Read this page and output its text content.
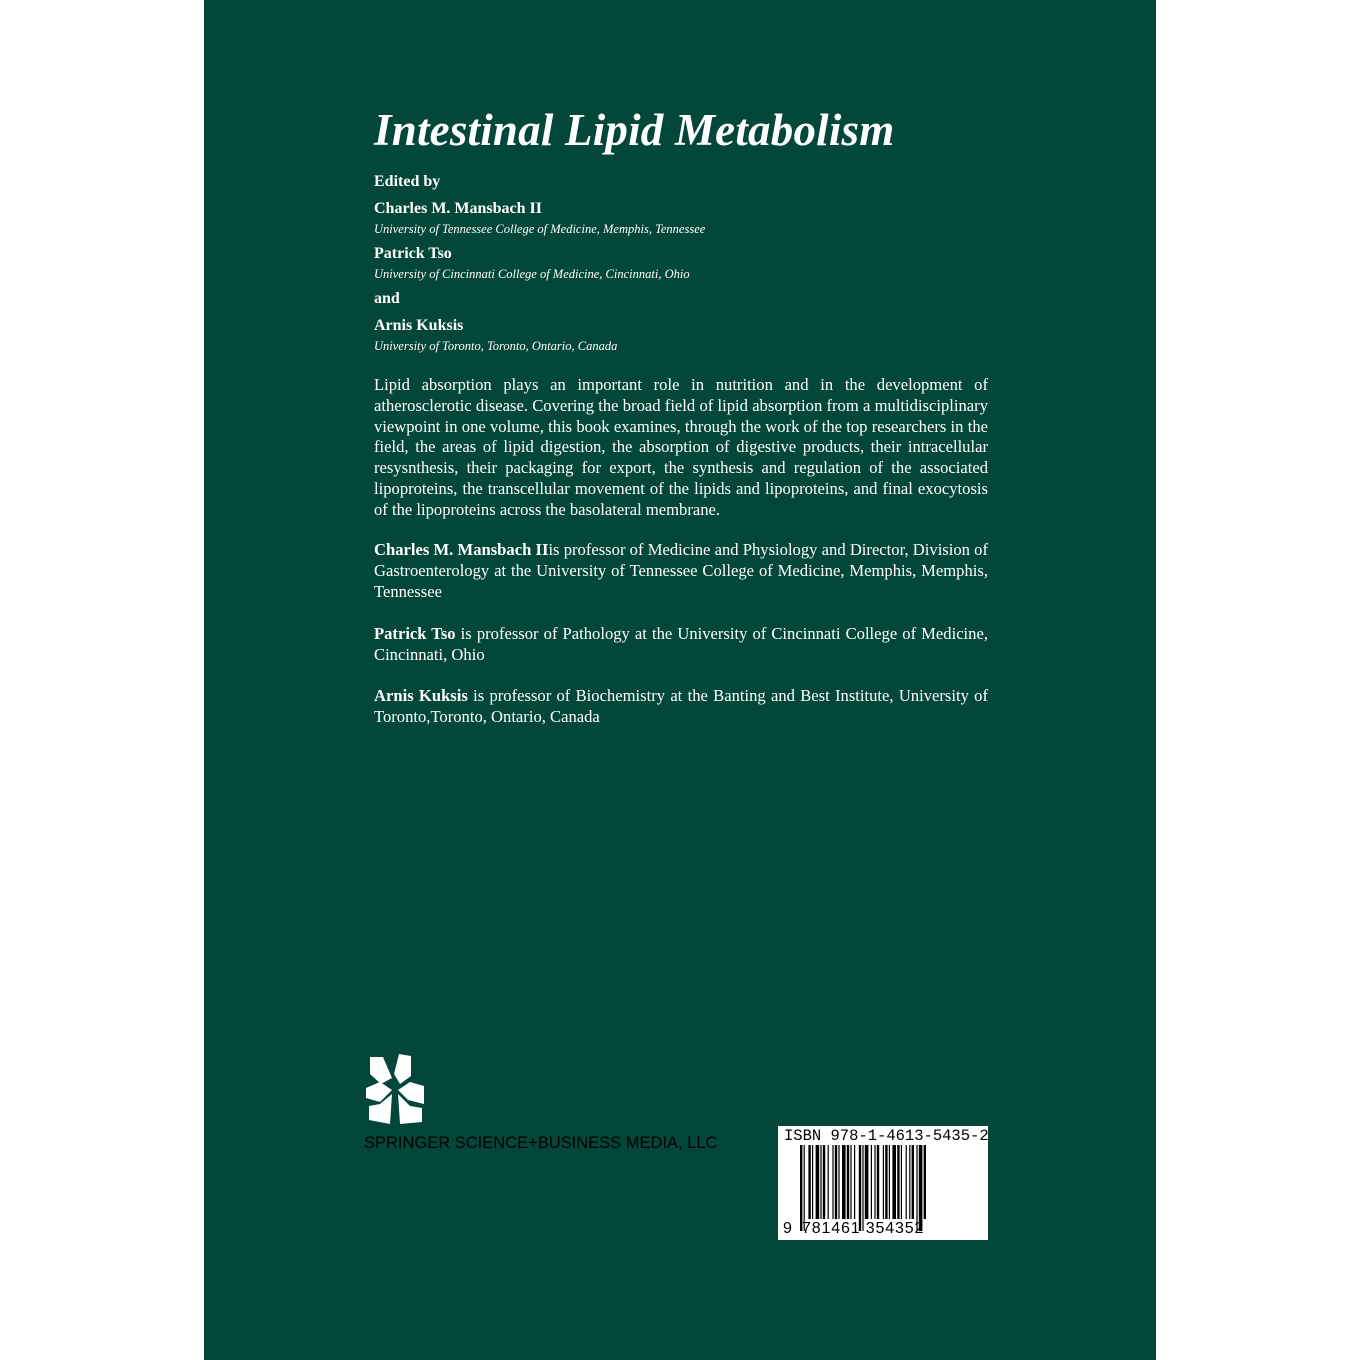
Intestinal Lipid Metabolism
Edited by
Charles M. Mansbach II
University of Tennessee College of Medicine, Memphis, Tennessee
Patrick Tso
University of Cincinnati College of Medicine, Cincinnati, Ohio
and
Arnis Kuksis
University of Toronto, Toronto, Ontario, Canada

Lipid absorption plays an important role in nutrition and in the development of atherosclerotic disease. Covering the broad field of lipid absorption from a multidisciplinary viewpoint in one volume, this book examines, through the work of the top researchers in the field, the areas of lipid digestion, the absorption of digestive products, their intracellular resysnthesis, their packaging for export, the synthesis and regulation of the associated lipoproteins, the transcellular movement of the lipids and lipoproteins, and final exocytosis of the lipoproteins across the basolateral membrane.

Charles M. Mansbach IIis professor of Medicine and Physiology and Director, Division of Gastroenterology at the University of Tennessee College of Medicine, Memphis, Memphis, Tennessee

Patrick Tso is professor of Pathology at the University of Cincinnati College of Medicine, Cincinnati, Ohio

Arnis Kuksis is professor of Biochemistry at the Banting and Best Institute, University of Toronto,Toronto, Ontario, Canada

SPRINGER SCIENCE+BUSINESS MEDIA, LLC	ISBN 978-1-4613-5435-2
9 781461 354352
